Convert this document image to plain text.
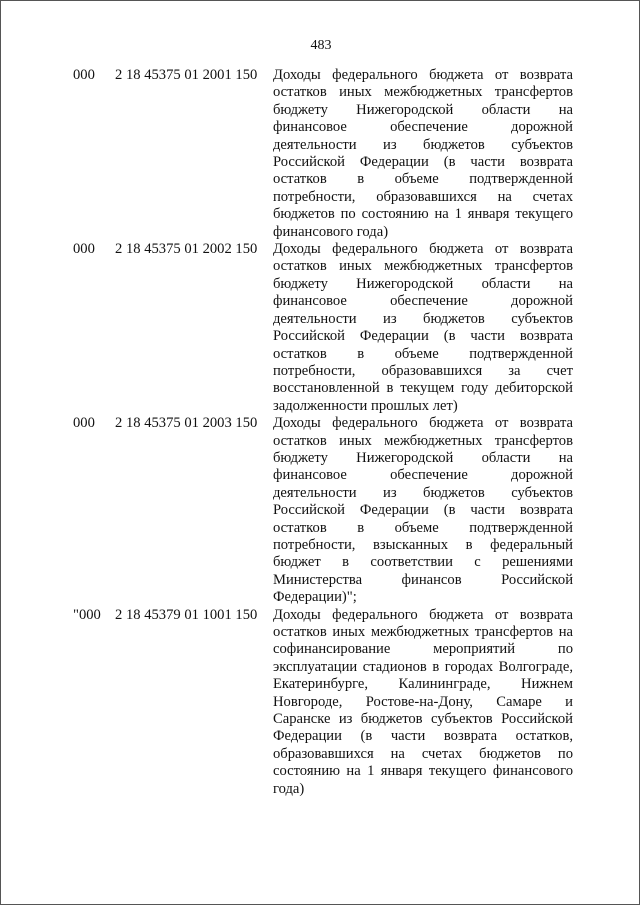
483
000 2 18 45375 01 2001 150 Доходы федерального бюджета от возврата
остатков иных межбюджетных трансфертов
бюджету Нижегородской области на
финансовое обеспечение дорожной
деятельности из бюджетов субъектов
Российской Федерации (в части возврата
остатков в объеме подтвержденной
потребности, образовавшихся на счетах
бюджетов по состоянию на 1 января текущего
финансового года)
000 2 18 45375 01 2002 150 Доходы федерального бюджета от возврата
остатков иных межбюджетных трансфертов
бюджету Нижегородской области на
финансовое обеспечение дорожной
деятельности из бюджетов субъектов
Российской Федерации (в части возврата
остатков в объеме подтвержденной
потребности, образовавшихся за счет
восстановленной в текущем году дебиторской
задолженности прошлых лет)
000 2 18 45375 01 2003 150 Доходы федерального бюджета от возврата
остатков иных межбюджетных трансфертов
бюджету Нижегородской области на
финансовое обеспечение дорожной
деятельности из бюджетов субъектов
Российской Федерации (в части возврата
остатков в объеме подтвержденной
потребности, взысканных в федеральный
бюджет в соответствии с решениями
Министерства финансов Российской
Федерации)";
"000 2 18 45379 01 1001 150 Доходы федерального бюджета от возврата
остатков иных межбюджетных трансфертов на
софинансирование мероприятий по
эксплуатации стадионов в городах Волгограде,
Екатеринбурге, Калининграде, Нижнем
Новгороде, Ростове-на-Дону, Самаре и
Саранске из бюджетов субъектов Российской
Федерации (в части возврата остатков,
образовавшихся на счетах бюджетов по
состоянию на 1 января текущего финансового
года)
